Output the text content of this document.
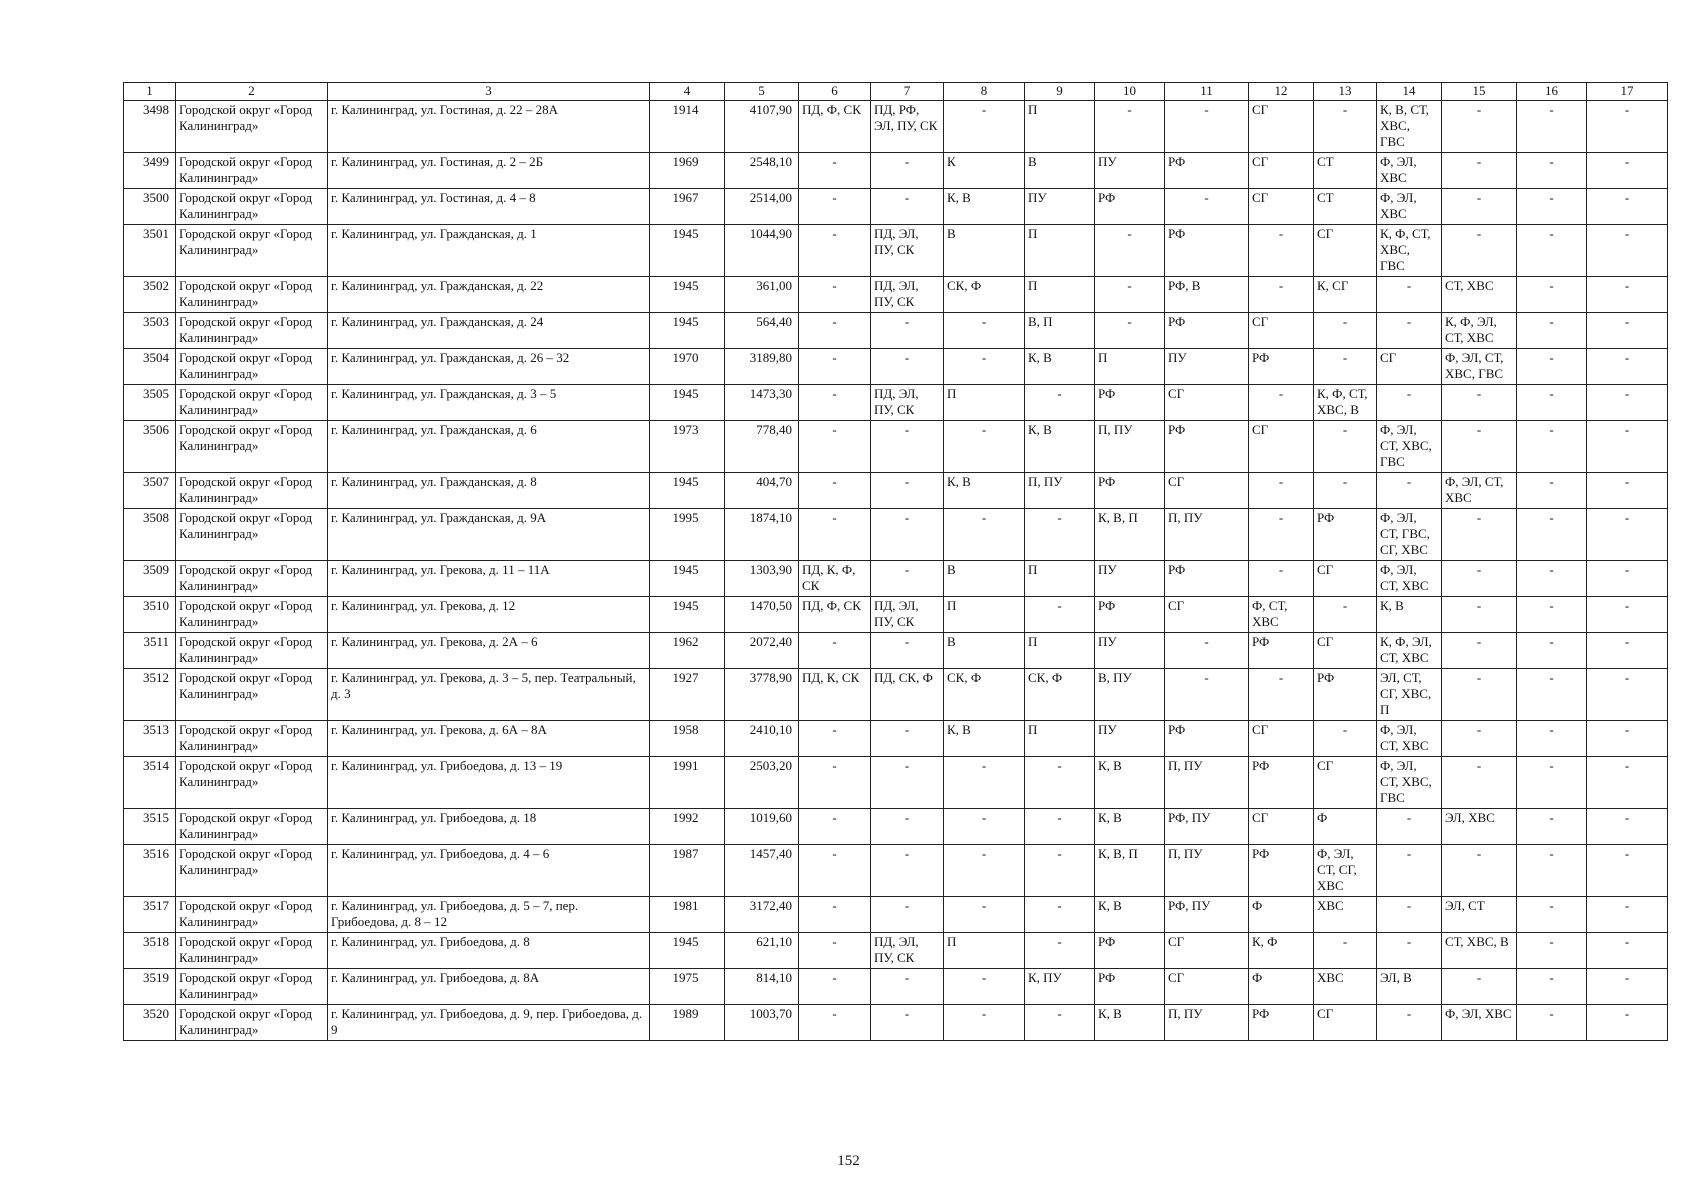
1	2	3	4	5	6	7	8	9	10	11	12	13	14	15	16	17
3498	Городской округ «Город Калининград»	г. Калининград, ул. Гостиная, д. 22 – 28А	1914	4107,90	ПД, Ф, СК	ПД, РФ, ЭЛ, ПУ, СК	-	П	-	-	СГ	-	К, В, СТ, ХВС, ГВС	-	-	-
3499	Городской округ «Город Калининград»	г. Калининград, ул. Гостиная, д. 2 – 2Б	1969	2548,10	-	-	К	В	ПУ	РФ	СГ	СТ	Ф, ЭЛ, ХВС	-	-	-
3500	Городской округ «Город Калининград»	г. Калининград, ул. Гостиная, д. 4 – 8	1967	2514,00	-	-	К, В	ПУ	РФ	-	СГ	СТ	Ф, ЭЛ, ХВС	-	-	-
3501	Городской округ «Город Калининград»	г. Калининград, ул. Гражданская, д. 1	1945	1044,90	-	ПД, ЭЛ, ПУ, СК	В	П	-	РФ	-	СГ	К, Ф, СТ, ХВС, ГВС	-	-	-
3502	Городской округ «Город Калининград»	г. Калининград, ул. Гражданская, д. 22	1945	361,00	-	ПД, ЭЛ, ПУ, СК	СК, Ф	П	-	РФ, В	-	К, СГ	-	СТ, ХВС	-	-
3503	Городской округ «Город Калининград»	г. Калининград, ул. Гражданская, д. 24	1945	564,40	-	-	-	В, П	-	РФ	СГ	-	-	К, Ф, ЭЛ, СТ, ХВС	-	-
3504	Городской округ «Город Калининград»	г. Калининград, ул. Гражданская, д. 26 – 32	1970	3189,80	-	-	-	К, В	П	ПУ	РФ	-	СГ	Ф, ЭЛ, СТ, ХВС, ГВС	-	-
3505	Городской округ «Город Калининград»	г. Калининград, ул. Гражданская, д. 3 – 5	1945	1473,30	-	ПД, ЭЛ, ПУ, СК	П	-	РФ	СГ	-	К, Ф, СТ, ХВС, В	-	-	-	-
3506	Городской округ «Город Калининград»	г. Калининград, ул. Гражданская, д. 6	1973	778,40	-	-	-	К, В	П, ПУ	РФ	СГ	-	Ф, ЭЛ, СТ, ХВС, ГВС	-	-	-
3507	Городской округ «Город Калининград»	г. Калининград, ул. Гражданская, д. 8	1945	404,70	-	-	К, В	П, ПУ	РФ	СГ	-	-	-	Ф, ЭЛ, СТ, ХВС	-	-
3508	Городской округ «Город Калининград»	г. Калининград, ул. Гражданская, д. 9А	1995	1874,10	-	-	-	-	К, В, П	П, ПУ	-	РФ	Ф, ЭЛ, СТ, ГВС, СГ, ХВС	-	-	-
3509	Городской округ «Город Калининград»	г. Калининград, ул. Грекова, д. 11 – 11А	1945	1303,90	ПД, К, Ф, СК	-	В	П	ПУ	РФ	-	СГ	Ф, ЭЛ, СТ, ХВС	-	-	-
3510	Городской округ «Город Калининград»	г. Калининград, ул. Грекова, д. 12	1945	1470,50	ПД, Ф, СК	ПД, ЭЛ, ПУ, СК	П	-	РФ	СГ	Ф, СТ, ХВС	-	К, В	-	-	-
3511	Городской округ «Город Калининград»	г. Калининград, ул. Грекова, д. 2А – 6	1962	2072,40	-	-	В	П	ПУ	-	РФ	СГ	К, Ф, ЭЛ, СТ, ХВС	-	-	-
3512	Городской округ «Город Калининград»	г. Калининград, ул. Грекова, д. 3 – 5, пер. Театральный, д. 3	1927	3778,90	ПД, К, СК	ПД, СК, Ф	СК, Ф	СК, Ф	В, ПУ	-	-	РФ	ЭЛ, СТ, СГ, ХВС, П	-	-	-
3513	Городской округ «Город Калининград»	г. Калининград, ул. Грекова, д. 6А – 8А	1958	2410,10	-	-	К, В	П	ПУ	РФ	СГ	-	Ф, ЭЛ, СТ, ХВС	-	-	-
3514	Городской округ «Город Калининград»	г. Калининград, ул. Грибоедова, д. 13 – 19	1991	2503,20	-	-	-	-	К, В	П, ПУ	РФ	СГ	Ф, ЭЛ, СТ, ХВС, ГВС	-	-	-
3515	Городской округ «Город Калининград»	г. Калининград, ул. Грибоедова, д. 18	1992	1019,60	-	-	-	-	К, В	РФ, ПУ	СГ	Ф	-	ЭЛ, ХВС	-	-
3516	Городской округ «Город Калининград»	г. Калининград, ул. Грибоедова, д. 4 – 6	1987	1457,40	-	-	-	-	К, В, П	П, ПУ	РФ	Ф, ЭЛ, СТ, СГ, ХВС	-	-	-	-
3517	Городской округ «Город Калининград»	г. Калининград, ул. Грибоедова, д. 5 – 7, пер. Грибоедова, д. 8 – 12	1981	3172,40	-	-	-	-	К, В	РФ, ПУ	Ф	ХВС	-	ЭЛ, СТ	-	-
3518	Городской округ «Город Калининград»	г. Калининград, ул. Грибоедова, д. 8	1945	621,10	-	ПД, ЭЛ, ПУ, СК	П	-	РФ	СГ	К, Ф	-	-	СТ, ХВС, В	-	-
3519	Городской округ «Город Калининград»	г. Калининград, ул. Грибоедова, д. 8А	1975	814,10	-	-	-	К, ПУ	РФ	СГ	Ф	ХВС	ЭЛ, В	-	-	-
3520	Городской округ «Город Калининград»	г. Калининград, ул. Грибоедова, д. 9, пер. Грибоедова, д. 9	1989	1003,70	-	-	-	-	К, В	П, ПУ	РФ	СГ	-	Ф, ЭЛ, ХВС	-	-
152
